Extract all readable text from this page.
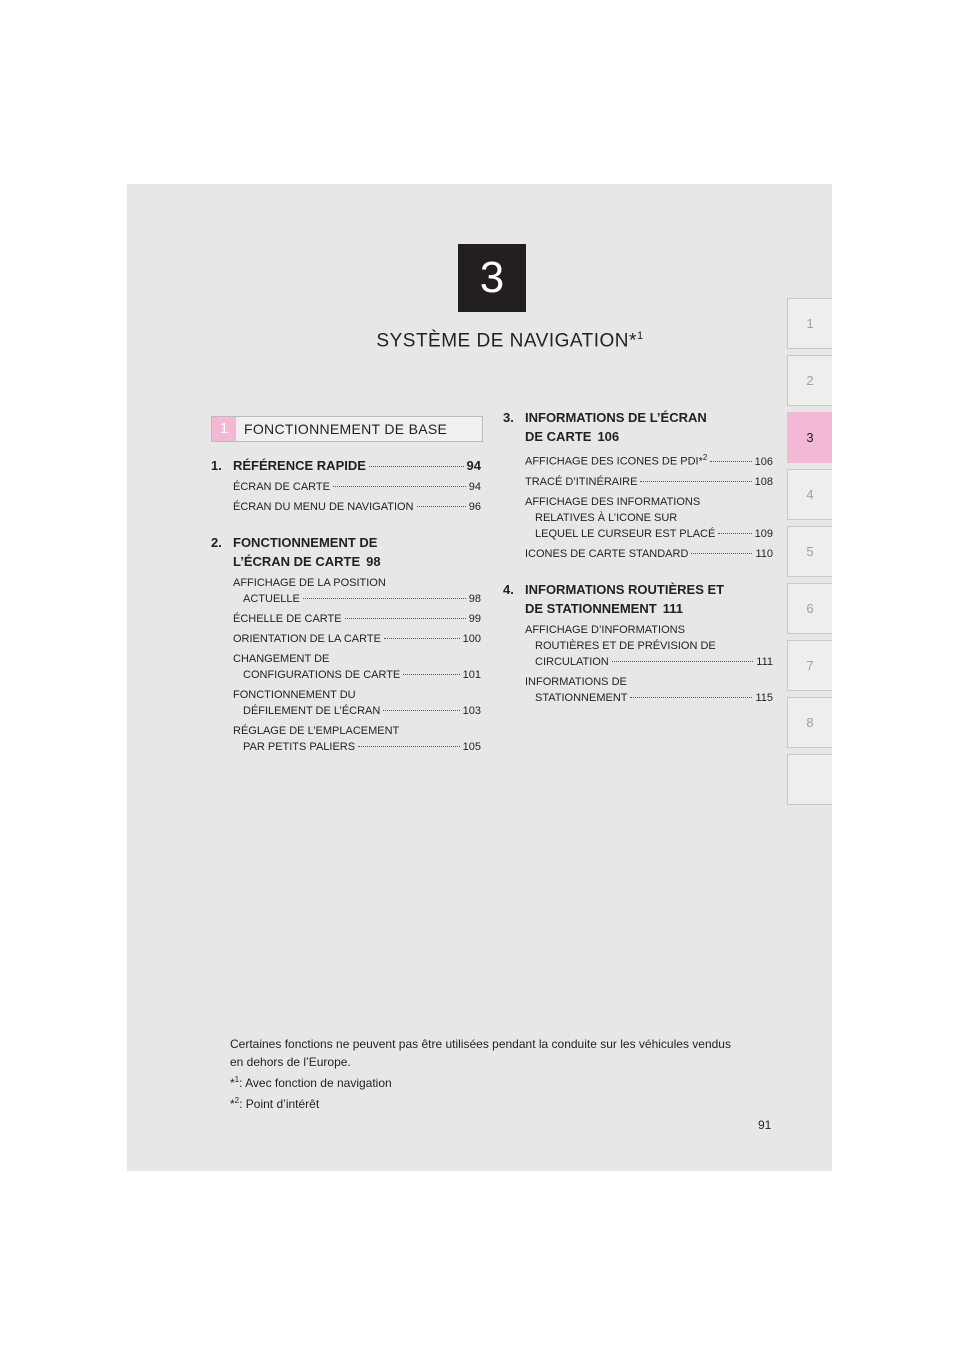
3
SYSTÈME DE NAVIGATION*$^1$
1
2
3
4
5
6
7
8
1	FONCTIONNEMENT DE BASE
1. RÉFÉRENCE RAPIDE	94
ÉCRAN DE CARTE	94
ÉCRAN DU MENU DE NAVIGATION	96
2. FONCTIONNEMENT DE
L’ÉCRAN DE CARTE 98
AFFICHAGE DE LA POSITION
ACTUELLE	98
ÉCHELLE DE CARTE	99
ORIENTATION DE LA CARTE	100
CHANGEMENT DE
CONFIGURATIONS DE CARTE	101
FONCTIONNEMENT DU
DÉFILEMENT DE L’ÉCRAN	103
RÉGLAGE DE L’EMPLACEMENT
PAR PETITS PALIERS	105
3. INFORMATIONS DE L’ÉCRAN
DE CARTE 106
AFFICHAGE DES ICONES DE PDI*$^2$	106
TRACÉ D’ITINÉRAIRE	108
AFFICHAGE DES INFORMATIONS
RELATIVES À L’ICONE SUR
LEQUEL LE CURSEUR EST PLACÉ	109
ICONES DE CARTE STANDARD	110
4. INFORMATIONS ROUTIÈRES ET
DE STATIONNEMENT 111
AFFICHAGE D’INFORMATIONS
ROUTIÈRES ET DE PRÉVISION DE
CIRCULATION	111
INFORMATIONS DE
STATIONNEMENT	115
Certaines fonctions ne peuvent pas être utilisées pendant la conduite sur les véhicules vendus en dehors de l’Europe.
*$^1$: Avec fonction de navigation
*$^2$: Point d’intérêt
91
